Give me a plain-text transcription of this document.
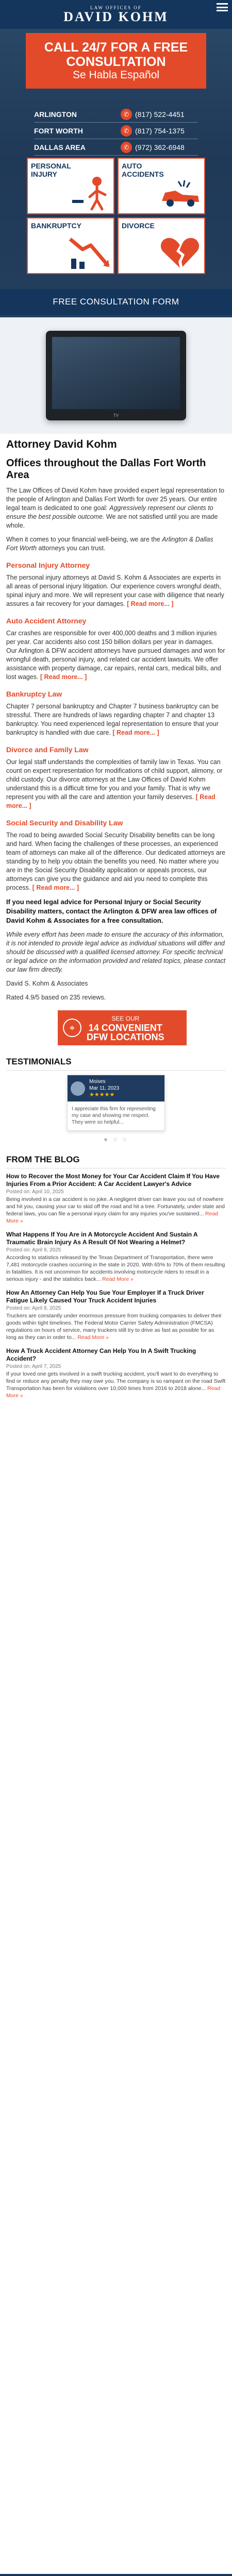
LAW OFFICES OF
DAVID KOHM
CALL 24/7 FOR A FREE
CONSULTATION
Se Habla Español
ARLINGTON	✆ (817) 522-4451
FORT WORTH	✆ (817) 754-1375
DALLAS AREA	✆ (972) 362-6948
PERSONAL INJURY
AUTO ACCIDENTS
BANKRUPTCY	DIVORCE
FREE CONSULTATION FORM
TV
Attorney David Kohm
Offices throughout the Dallas Fort Worth Area

The Law Offices of David Kohm have provided expert legal representation to the people of Arlington and Dallas Fort Worth for over 25 years. Our entire legal team is dedicated to one goal: Aggressively represent our clients to ensure the best possible outcome. We are not satisfied until you are made whole.

When it comes to your financial well-being, we are the Arlington & Dallas Fort Worth attorneys you can trust.

Personal Injury Attorney

The personal injury attorneys at David S. Kohm & Associates are experts in all areas of personal injury litigation. Our experience covers wrongful death, spinal injury and more. We will represent your case with diligence that nearly assures a fair recovery for your damages. [ Read more... ]

Auto Accident Attorney

Car crashes are responsible for over 400,000 deaths and 3 million injuries per year. Car accidents also cost 150 billion dollars per year in damages. Our Arlington & DFW accident attorneys have pursued damages and won for wrongful death, personal injury, and related car accident lawsuits. We offer assistance with property damage, car repairs, rental cars, medical bills, and lost wages. [ Read more... ]

Bankruptcy Law

Chapter 7 personal bankruptcy and Chapter 7 business bankruptcy can be stressful. There are hundreds of laws regarding chapter 7 and chapter 13 bankruptcy. You need experienced legal representation to ensure that your bankruptcy is handled with due care. [ Read more... ]

Divorce and Family Law

Our legal staff understands the complexities of family law in Texas. You can count on expert representation for modifications of child support, alimony, or child custody. Our divorce attorneys at the Law Offices of David Kohm understand this is a difficult time for you and your family. That is why we represent you with all the care and attention your family deserves. [ Read more... ]

Social Security and Disability Law

The road to being awarded Social Security Disability benefits can be long and hard. When facing the challenges of these processes, an experienced team of attorneys can make all of the difference. Our dedicated attorneys are standing by to help you obtain the benefits you need. No matter where you are in the Social Security Disability application or appeals process, our attorneys can give you the guidance and aid you need to complete this process. [ Read more... ]

If you need legal advice for Personal Injury or Social Security Disability matters, contact the Arlington & DFW area law offices of David Kohm & Associates for a free consultation.

While every effort has been made to ensure the accuracy of this information, it is not intended to provide legal advice as individual situations will differ and should be discussed with a qualified licensed attorney. For specific technical or legal advice on the information provided and related topics, please contact our law firm directly.

David S. Kohm & Associates

Rated 4.9/5 based on 235 reviews.

⌖
SEE OUR
14 CONVENIENT
DFW LOCATIONS
TESTIMONIALS
Moises
Mar 11, 2023
★★★★★
I appreciate this firm for representing my case and showing me respect. They were so helpful...
● ○ ○
FROM THE BLOG
How to Recover the Most Money for Your Car Accident Claim If You Have Injuries From a Prior Accident: A Car Accident Lawyer's Advice
Posted on: April 10, 2025
Being involved in a car accident is no joke. A negligent driver can leave you out of nowhere and hit you, causing your car to skid off the road and hit a tree. Fortunately, under state and federal laws, you can file a personal injury claim for any injuries you've sustained... Read More »
What Happens If You Are in A Motorcycle Accident And Sustain A Traumatic Brain Injury As A Result Of Not Wearing a Helmet?
Posted on: April 9, 2025
According to statistics released by the Texas Department of Transportation, there were 7,481 motorcycle crashes occurring in the state in 2020. With 65% to 70% of them resulting in fatalities. It is not uncommon for accidents involving motorcycle riders to result in a serious injury - and the statistics back... Read More »
How An Attorney Can Help You Sue Your Employer If a Truck Driver Fatigue Likely Caused Your Truck Accident Injuries
Posted on: April 8, 2025
Truckers are constantly under enormous pressure from trucking companies to deliver their goods within tight timelines. The Federal Motor Carrier Safety Administration (FMCSA) regulations on hours of service, many truckers still try to drive as fast as possible for as long as they can in order to... Read More »
How A Truck Accident Attorney Can Help You In A Swift Trucking Accident?
Posted on: April 7, 2025
If your loved one gets involved in a swift trucking accident, you'll want to do everything to find or reduce any penalty they may owe you. The company is so rampant on the road Swift Transportation has been for violations over 10,000 times from 2016 to 2018 alone... Read More »
